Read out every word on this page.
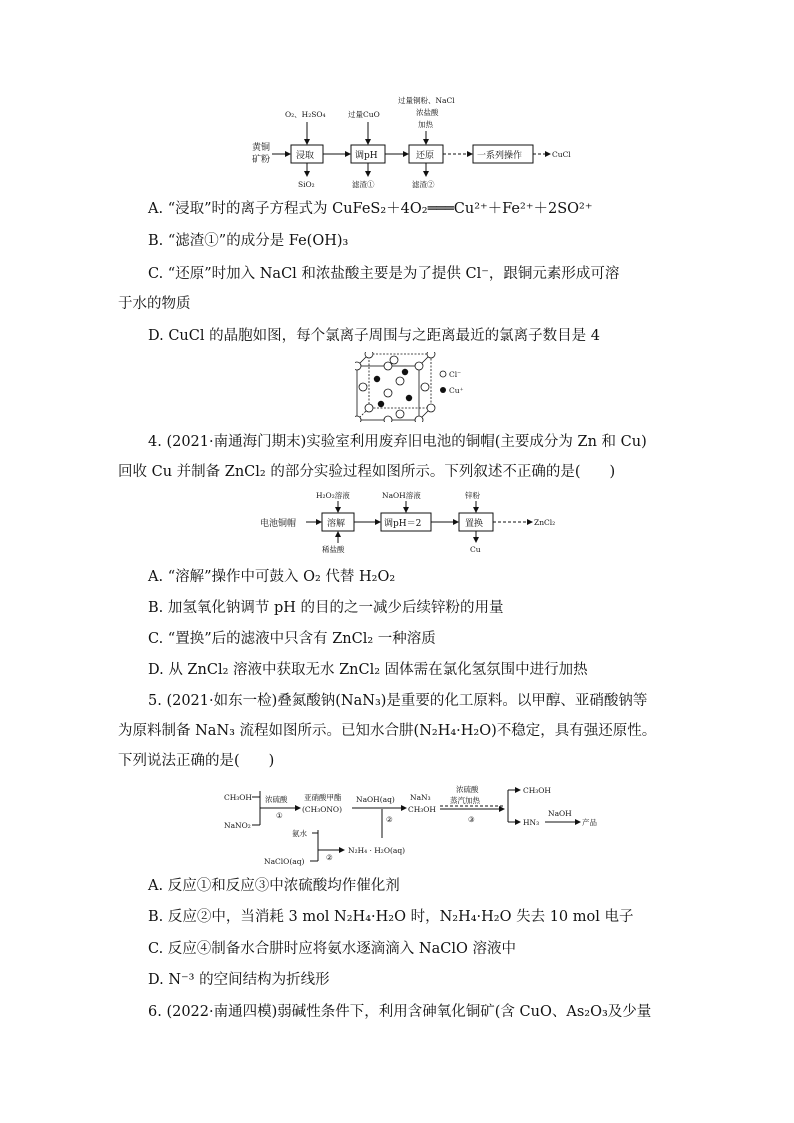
黄铜
矿粉	浸取
O₂、H₂SO₄
SiO₂
调pH
过量CuO
滤渣①
还原
过量铜粉、NaCl
浓盐酸
加热
滤渣②
一系列操作	CuCl
A. “浸取”时的离子方程式为 CuFeS₂＋4O₂═══Cu²⁺＋Fe²⁺＋2SO²⁺
B. “滤渣①”的成分是 Fe(OH)₃
C. “还原”时加入 NaCl 和浓盐酸主要是为了提供 Cl⁻，跟铜元素形成可溶
于水的物质
D. CuCl 的晶胞如图，每个氯离子周围与之距离最近的氯离子数目是 4
Cl⁻
Cu⁺
4. (2021·南通海门期末)实验室利用废弃旧电池的铜帽(主要成分为 Zn 和 Cu)
回收 Cu 并制备 ZnCl₂ 的部分实验过程如图所示。下列叙述不正确的是(　　)
电池铜帽	溶解
H₂O₂溶液
稀盐酸
调pH＝2
NaOH溶液
置换
锌粉
Cu
ZnCl₂
A. “溶解”操作中可鼓入 O₂ 代替 H₂O₂
B. 加氢氧化钠调节 pH 的目的之一减少后续锌粉的用量
C. “置换”后的滤液中只含有 ZnCl₂ 一种溶质
D. 从 ZnCl₂ 溶液中获取无水 ZnCl₂ 固体需在氯化氢氛围中进行加热
5. (2021·如东一检)叠氮酸钠(NaN₃)是重要的化工原料。以甲醇、亚硝酸钠等
为原料制备 NaN₃ 流程如图所示。已知水合肼(N₂H₄·H₂O)不稳定，具有强还原性。
下列说法正确的是(　　)
CH₃OH
NaNO₂
浓硫酸
①
亚硝酸甲酯
(CH₃ONO)
NaOH(aq)
②
NaN₃
CH₃OH
浓硫酸
蒸汽加热
③
CH₃OH
HN₃
NaOH
产品
氨水
NaClO(aq)	②
N₂H₄ · H₂O(aq)
A. 反应①和反应③中浓硫酸均作催化剂
B. 反应②中，当消耗 3 mol N₂H₄·H₂O 时，N₂H₄·H₂O 失去 10 mol 电子
C. 反应④制备水合肼时应将氨水逐滴滴入 NaClO 溶液中
D. N⁻³ 的空间结构为折线形
6. (2022·南通四模)弱碱性条件下，利用含砷氧化铜矿(含 CuO、As₂O₃及少量
